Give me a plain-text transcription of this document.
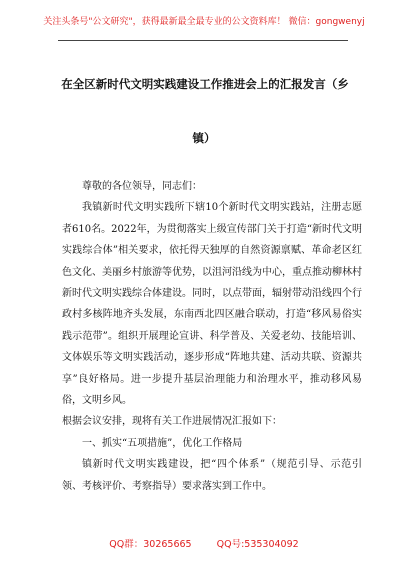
关注头条号"公文研究"，获得最新最全最专业的公文资料库！ 微信：gongwenyj
在全区新时代文明实践建设工作推进会上的汇报发言（乡
镇）

尊敬的各位领导，同志们：

我镇新时代文明实践所下辖10个新时代文明实践站，注册志愿者610名。2022年，为贯彻落实上级宣传部门关于打造“新时代文明实践综合体”相关要求，依托得天独厚的自然资源禀赋、革命老区红色文化、美丽乡村旅游等优势，以沮河沿线为中心，重点推动柳林村新时代文明实践综合体建设。同时，以点带面，辐射带动沿线四个行政村多核阵地齐头发展，东南西北四区融合联动，打造“移风易俗实践示范带”。组织开展理论宣讲、科学普及、关爱老幼、技能培训、文体娱乐等文明实践活动，逐步形成“阵地共建、活动共联、资源共享”良好格局。进一步提升基层治理能力和治理水平，推动移风易俗，文明乡风。

根据会议安排，现将有关工作进展情况汇报如下：

一、抓实“五项措施”，优化工作格局

镇新时代文明实践建设，把“四个体系”（规范引导、示范引领、考核评价、考察指导）要求落实到工作中。

QQ群：30265665	QQ号:535304092
